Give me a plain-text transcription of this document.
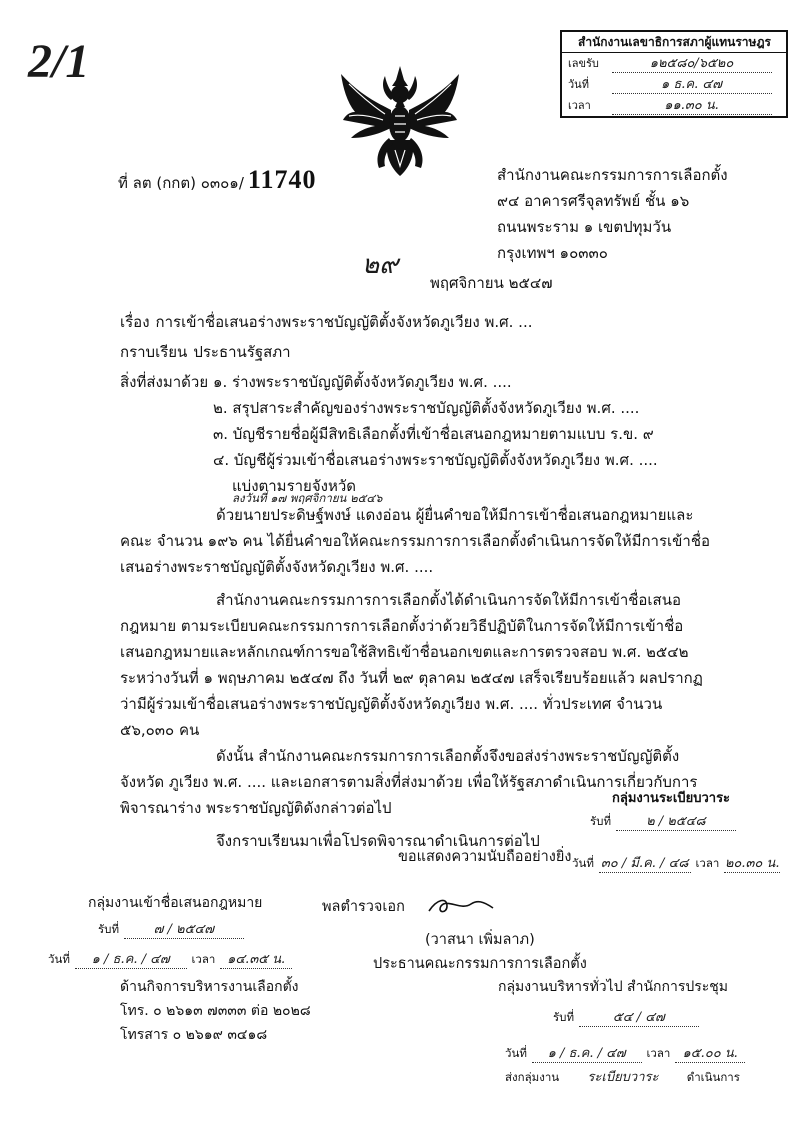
2/1	สำนักงานเลขาธิการสภาผู้แทนราษฎร
เลขรับ	๑๒๕๘๐/๖๕๒๐
วันที่	๑ ธ.ค. ๔๗
เวลา	๑๑.๓๐ น.
ที่ ลต (กกต) ๐๓๐๑/ 11740	สำนักงานคณะกรรมการการเลือกตั้ง
๙๔ อาคารศรีจุลทรัพย์ ชั้น ๑๖
ถนนพระราม ๑ เขตปทุมวัน
กรุงเทพฯ ๑๐๓๓๐
๒๙
พฤศจิกายน ๒๕๔๗
เรื่อง การเข้าชื่อเสนอร่างพระราชบัญญัติตั้งจังหวัดภูเวียง พ.ศ. ...
กราบเรียน ประธานรัฐสภา
สิ่งที่ส่งมาด้วย ๑. ร่างพระราชบัญญัติตั้งจังหวัดภูเวียง พ.ศ. ....
๒. สรุปสาระสำคัญของร่างพระราชบัญญัติตั้งจังหวัดภูเวียง พ.ศ. ....
๓. บัญชีรายชื่อผู้มีสิทธิเลือกตั้งที่เข้าชื่อเสนอกฎหมายตามแบบ ร.ข. ๙
๔. บัญชีผู้ร่วมเข้าชื่อเสนอร่างพระราชบัญญัติตั้งจังหวัดภูเวียง พ.ศ. ....
แบ่งตามรายจังหวัด
ลงวันที่ ๑๗ พฤศจิกายน ๒๕๔๖

ด้วยนายประดิษฐ์พงษ์ แดงอ่อน ผู้ยื่นคำขอให้มีการเข้าชื่อเสนอกฎหมายและคณะ จำนวน ๑๙๖ คน ได้ยื่นคำขอให้คณะกรรมการการเลือกตั้งดำเนินการจัดให้มีการเข้าชื่อเสนอร่างพระราชบัญญัติตั้งจังหวัดภูเวียง พ.ศ. ....

สำนักงานคณะกรรมการการเลือกตั้งได้ดำเนินการจัดให้มีการเข้าชื่อเสนอกฎหมาย ตามระเบียบคณะกรรมการการเลือกตั้งว่าด้วยวิธีปฏิบัติในการจัดให้มีการเข้าชื่อเสนอกฎหมายและหลักเกณฑ์การขอใช้สิทธิเข้าชื่อนอกเขตและการตรวจสอบ พ.ศ. ๒๕๔๒ ระหว่างวันที่ ๑ พฤษภาคม ๒๕๔๗ ถึง วันที่ ๒๙ ตุลาคม ๒๕๔๗ เสร็จเรียบร้อยแล้ว ผลปรากฏว่ามีผู้ร่วมเข้าชื่อเสนอร่างพระราชบัญญัติตั้งจังหวัดภูเวียง พ.ศ. .... ทั่วประเทศ จำนวน ๕๖,๐๓๐ คน

ดังนั้น สำนักงานคณะกรรมการการเลือกตั้งจึงขอส่งร่างพระราชบัญญัติตั้งจังหวัด ภูเวียง พ.ศ. .... และเอกสารตามสิ่งที่ส่งมาด้วย เพื่อให้รัฐสภาดำเนินการเกี่ยวกับการพิจารณาร่าง พระราชบัญญัติดังกล่าวต่อไป

จึงกราบเรียนมาเพื่อโปรดพิจารณาดำเนินการต่อไป
กลุ่มงานระเบียบวาระ
รับที่	๒ / ๒๕๔๘
ขอแสดงความนับถืออย่างยิ่ง วันที่ ๓๐ / มี.ค. / ๔๘ เวลา ๒๐.๓๐ น.
กลุ่มงานเข้าชื่อเสนอกฎหมาย
รับที่	๗ / ๒๕๔๗
วันที่ ๑ / ธ.ค. / ๔๗ เวลา ๑๔.๓๕ น.
พลตำรวจเอก
(วาสนา เพิ่มลาภ)
ประธานคณะกรรมการการเลือกตั้ง
ด้านกิจการบริหารงานเลือกตั้ง
โทร. ๐ ๒๖๑๓ ๗๓๓๓ ต่อ ๒๐๒๘
โทรสาร ๐ ๒๖๑๙ ๓๔๑๘
กลุ่มงานบริหารทั่วไป สำนักการประชุม
รับที่	๕๔ / ๔๗
วันที่ ๑ / ธ.ค. / ๔๗ เวลา ๑๕.๐๐ น.
ส่งกลุ่มงาน ระเบียบวาระ ดำเนินการ
